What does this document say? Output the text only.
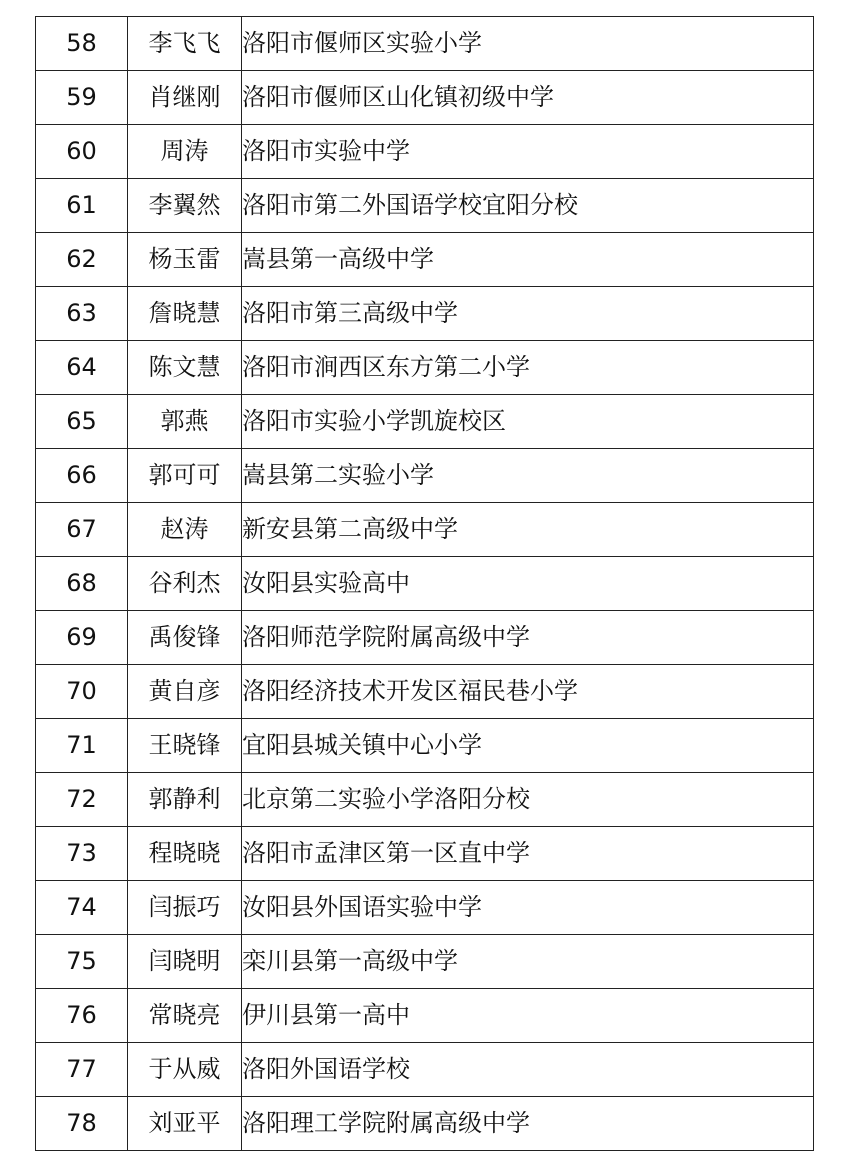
58	李飞飞	洛阳市偃师区实验小学
59	肖继刚	洛阳市偃师区山化镇初级中学
60	周涛	洛阳市实验中学
61	李翼然	洛阳市第二外国语学校宜阳分校
62	杨玉雷	嵩县第一高级中学
63	詹晓慧	洛阳市第三高级中学
64	陈文慧	洛阳市涧西区东方第二小学
65	郭燕	洛阳市实验小学凯旋校区
66	郭可可	嵩县第二实验小学
67	赵涛	新安县第二高级中学
68	谷利杰	汝阳县实验高中
69	禹俊锋	洛阳师范学院附属高级中学
70	黄自彦	洛阳经济技术开发区福民巷小学
71	王晓锋	宜阳县城关镇中心小学
72	郭静利	北京第二实验小学洛阳分校
73	程晓晓	洛阳市孟津区第一区直中学
74	闫振巧	汝阳县外国语实验中学
75	闫晓明	栾川县第一高级中学
76	常晓亮	伊川县第一高中
77	于从威	洛阳外国语学校
78	刘亚平	洛阳理工学院附属高级中学
